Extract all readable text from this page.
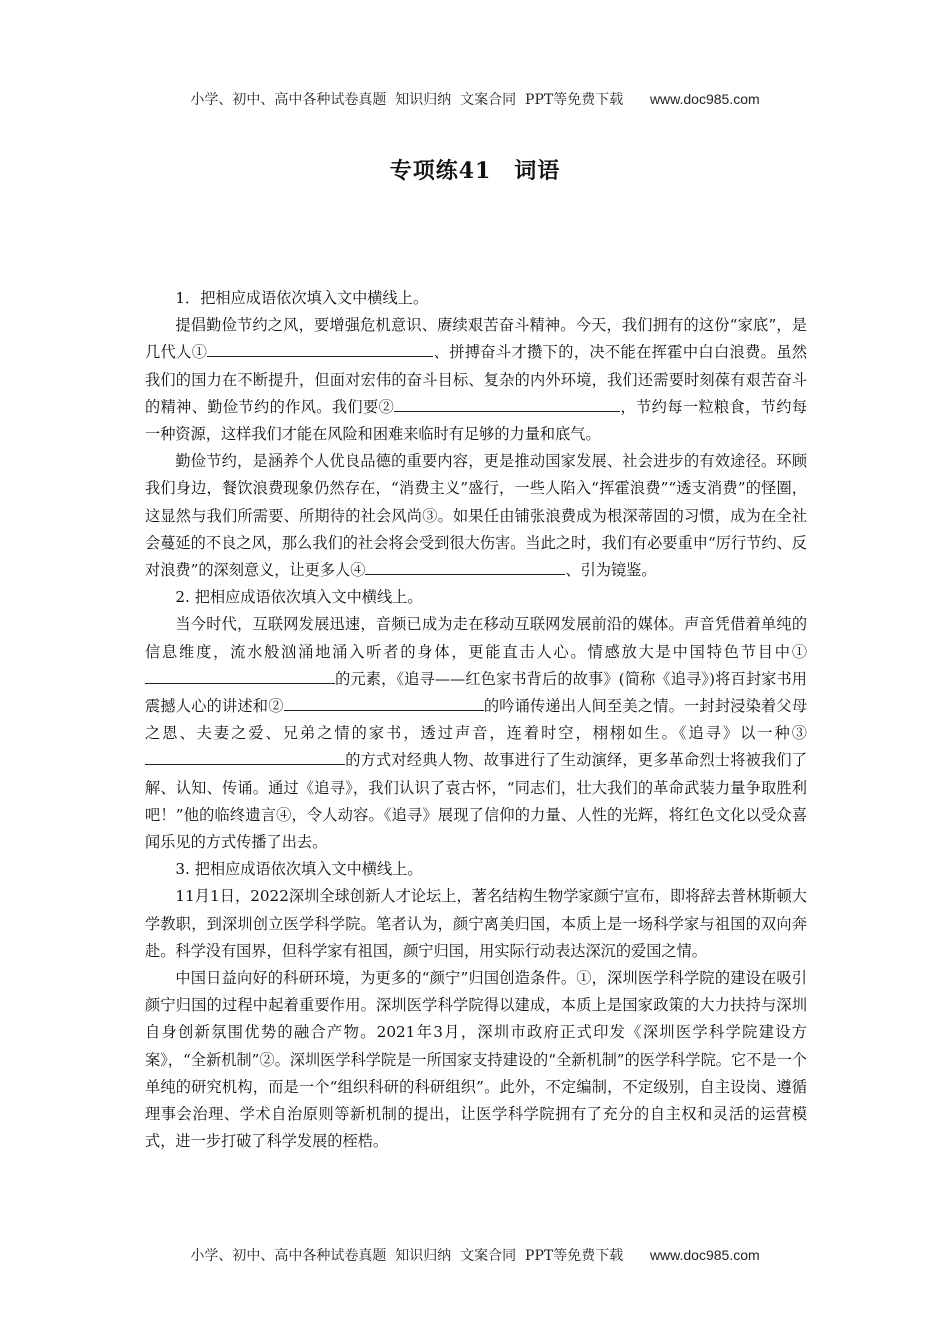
小学、初中、高中各种试卷真题  知识归纳  文案合同  PPT等免费下载 www.doc985.com
专项练41　词语

1．把相应成语依次填入文中横线上。

提倡勤俭节约之风，要增强危机意识、赓续艰苦奋斗精神。今天，我们拥有的这份“家底”，是几代人①	、拼搏奋斗才攒下的，决不能在挥霍中白白浪费。虽然我们的国力在不断提升，但面对宏伟的奋斗目标、复杂的内外环境，我们还需要时刻葆有艰苦奋斗的精神、勤俭节约的作风。我们要②	，节约每一粒粮食，节约每一种资源，这样我们才能在风险和困难来临时有足够的力量和底气。

勤俭节约，是涵养个人优良品德的重要内容，更是推动国家发展、社会进步的有效途径。环顾我们身边，餐饮浪费现象仍然存在，“消费主义”盛行，一些人陷入“挥霍浪费”“透支消费”的怪圈，这显然与我们所需要、所期待的社会风尚③。如果任由铺张浪费成为根深蒂固的习惯，成为在全社会蔓延的不良之风，那么我们的社会将会受到很大伤害。当此之时，我们有必要重申“厉行节约、反对浪费”的深刻意义，让更多人④	、引为镜鉴。

2. 把相应成语依次填入文中横线上。

当今时代，互联网发展迅速，音频已成为走在移动互联网发展前沿的媒体。声音凭借着单纯的信息维度，流水般汹涌地涌入听者的身体，更能直击人心。情感放大是中国特色节目中①的元素，《追寻——红色家书背后的故事》(简称《追寻》)将百封家书用震撼人心的讲述和②	的吟诵传递出人间至美之情。一封封浸染着父母之恩、夫妻之爱、兄弟之情的家书，透过声音，连着时空，栩栩如生。《追寻》以一种③的方式对经典人物、故事进行了生动演绎，更多革命烈士将被我们了解、认知、传诵。通过《追寻》，我们认识了袁古怀，“同志们，壮大我们的革命武装力量争取胜利吧！”他的临终遗言④，令人动容。《追寻》展现了信仰的力量、人性的光辉，将红色文化以受众喜闻乐见的方式传播了出去。

3. 把相应成语依次填入文中横线上。

11月1日，2022深圳全球创新人才论坛上，著名结构生物学家颜宁宣布，即将辞去普林斯顿大学教职，到深圳创立医学科学院。笔者认为，颜宁离美归国，本质上是一场科学家与祖国的双向奔赴。科学没有国界，但科学家有祖国，颜宁归国，用实际行动表达深沉的爱国之情。

中国日益向好的科研环境，为更多的“颜宁”归国创造条件。①，深圳医学科学院的建设在吸引颜宁归国的过程中起着重要作用。深圳医学科学院得以建成，本质上是国家政策的大力扶持与深圳自身创新氛围优势的融合产物。2021年3月，深圳市政府正式印发《深圳医学科学院建设方案》，“全新机制”②。深圳医学科学院是一所国家支持建设的“全新机制”的医学科学院。它不是一个单纯的研究机构，而是一个“组织科研的科研组织”。此外，不定编制，不定级别，自主设岗、遵循理事会治理、学术自治原则等新机制的提出，让医学科学院拥有了充分的自主权和灵活的运营模式，进一步打破了科学发展的桎梏。

小学、初中、高中各种试卷真题  知识归纳  文案合同  PPT等免费下载 www.doc985.com
